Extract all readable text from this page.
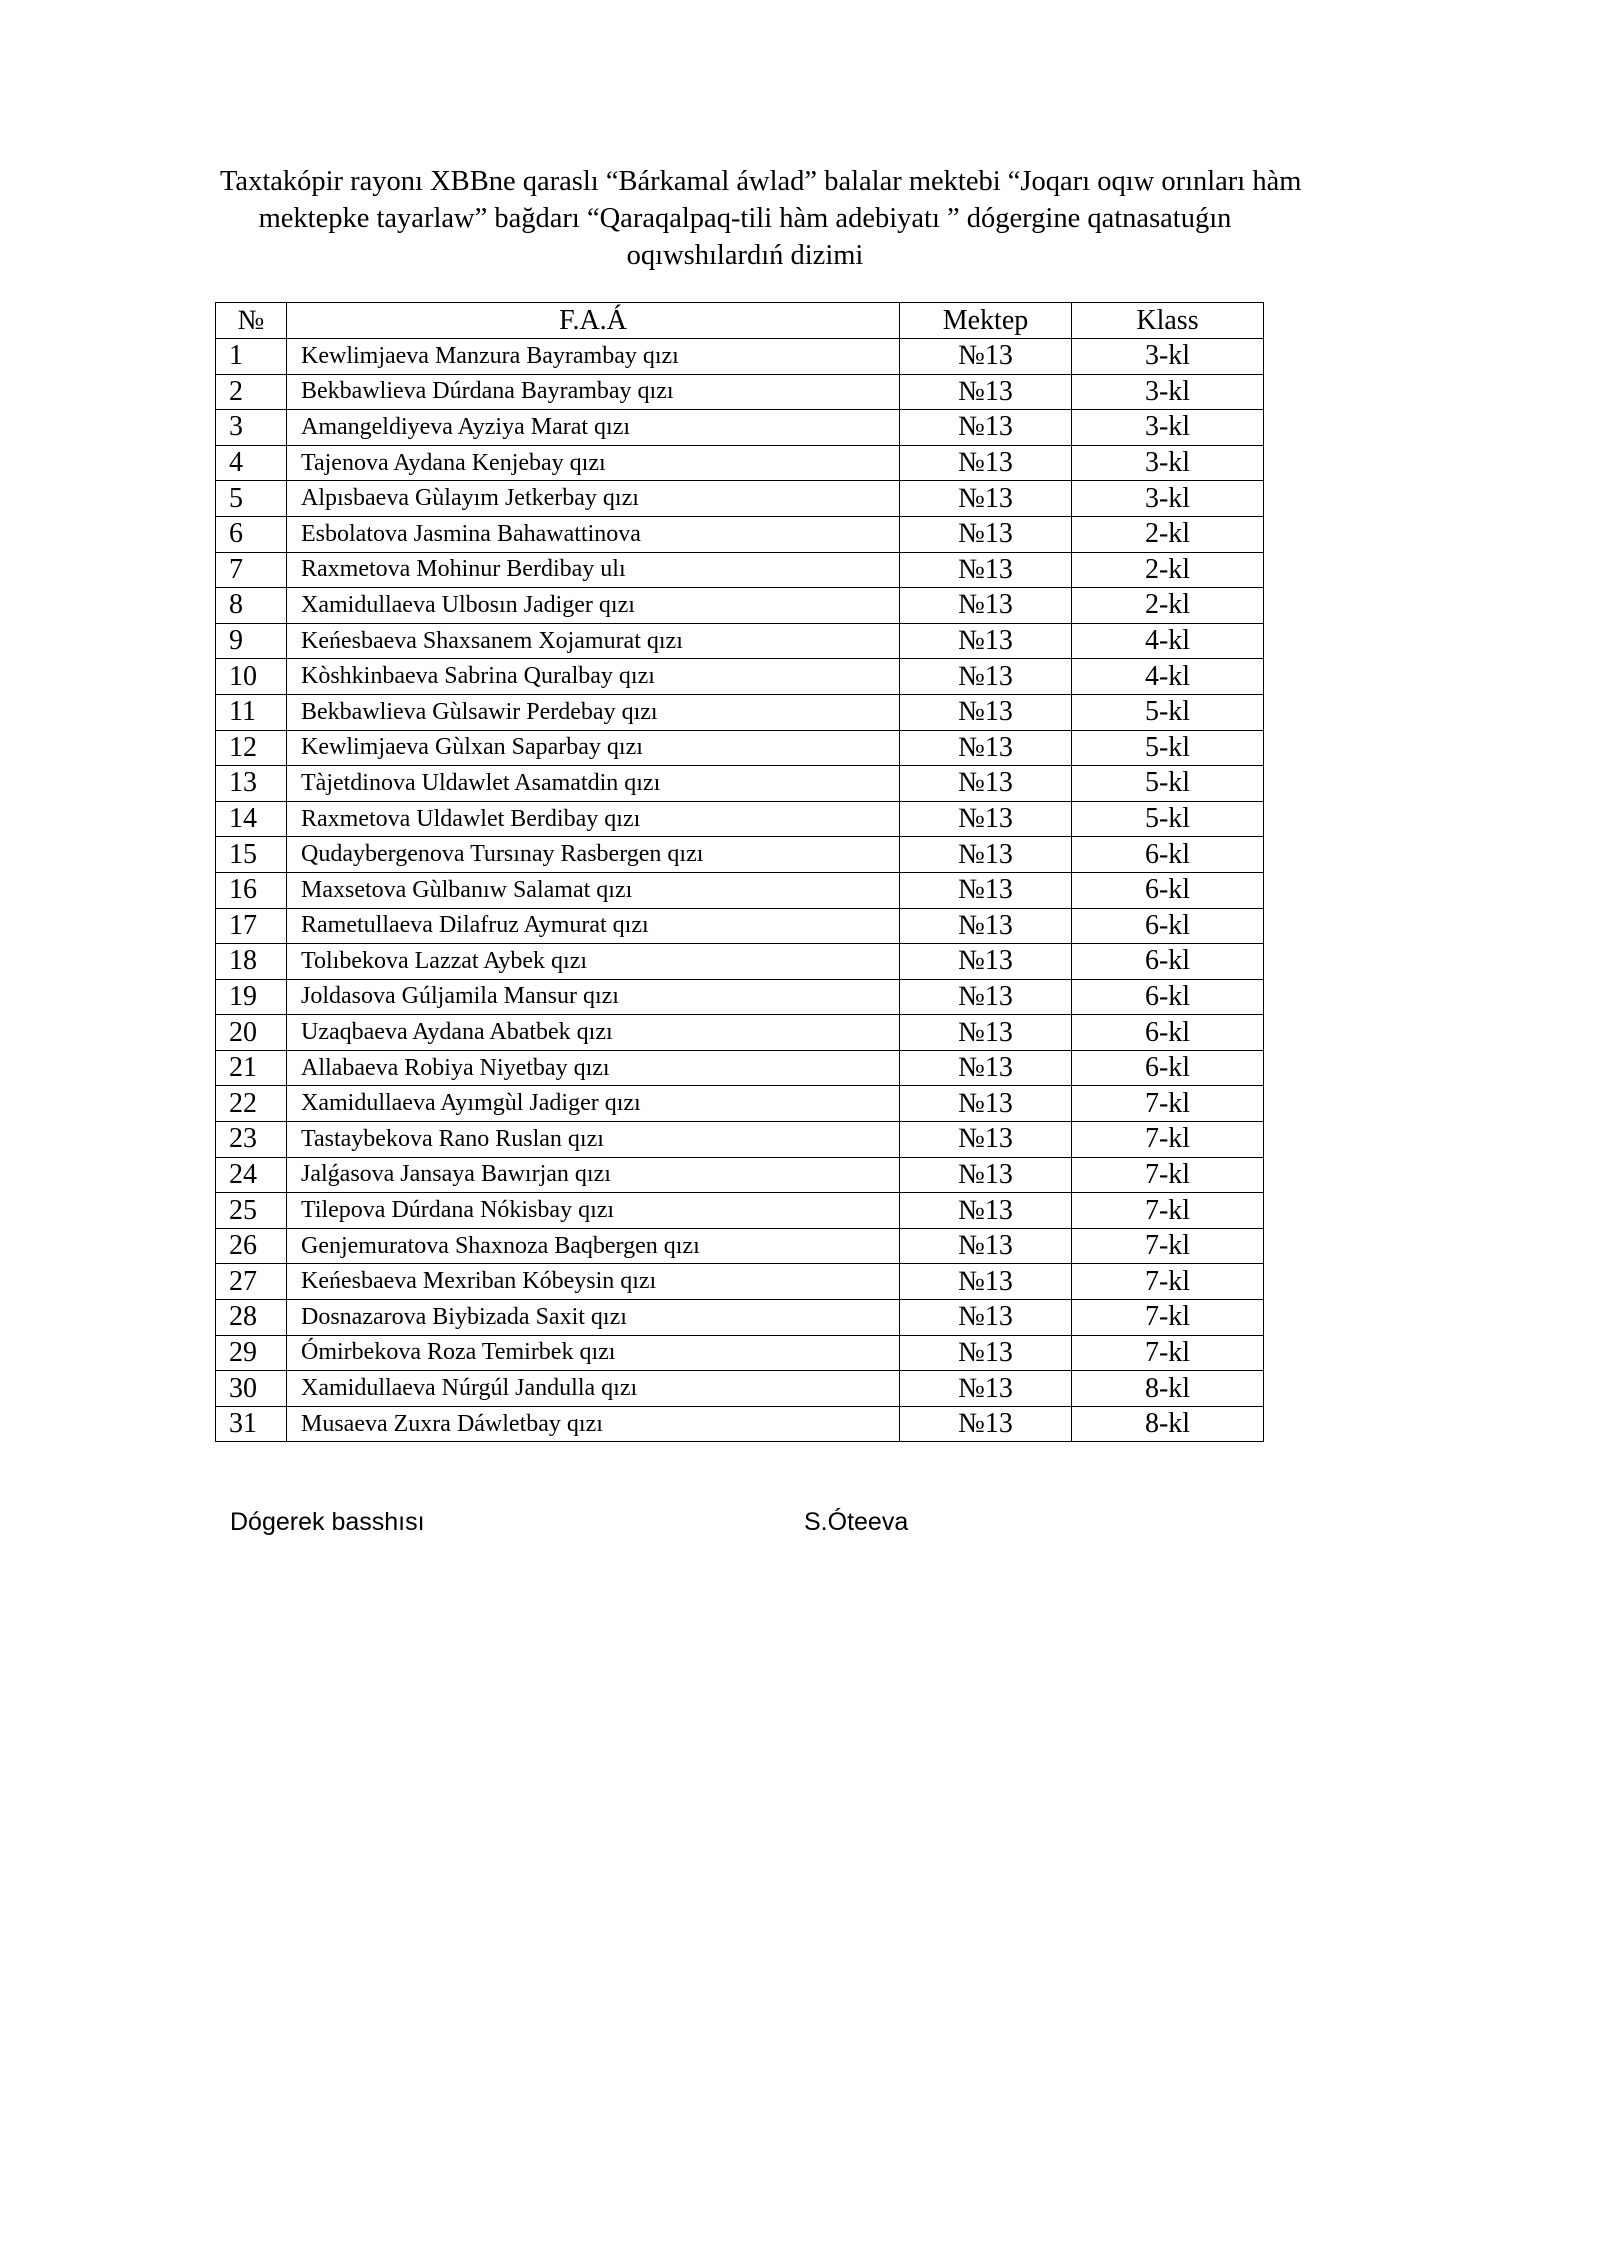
Taxtakópir rayonı XBBne qaraslı “Bárkamal áwlad” balalar mektebi “Joqarı oqıw orınları hàm
mektepke tayarlaw” bağdarı “Qaraqalpaq-tili hàm adebiyatı ” dógergine qatnasatuǵın
oqıwshılardıń dizimi
№	F.A.Á	Mektep	Klass
1	Kewlimjaeva Manzura Bayrambay qızı	№13	3-kl
2	Bekbawlieva Dúrdana Bayrambay qızı	№13	3-kl
3	Amangeldiyeva Ayziya Marat qızı	№13	3-kl
4	Tajenova Aydana Kenjebay qızı	№13	3-kl
5	Alpısbaeva Gùlayım Jetkerbay qızı	№13	3-kl
6	Esbolatova Jasmina Bahawattinova	№13	2-kl
7	Raxmetova Mohinur Berdibay ulı	№13	2-kl
8	Xamidullaeva Ulbosın Jadiger qızı	№13	2-kl
9	Keńesbaeva Shaxsanem Xojamurat qızı	№13	4-kl
10	Kòshkinbaeva Sabrina Quralbay qızı	№13	4-kl
11	Bekbawlieva Gùlsawir Perdebay qızı	№13	5-kl
12	Kewlimjaeva Gùlxan Saparbay qızı	№13	5-kl
13	Tàjetdinova Uldawlet Asamatdin qızı	№13	5-kl
14	Raxmetova Uldawlet Berdibay qızı	№13	5-kl
15	Qudaybergenova Tursınay Rasbergen qızı	№13	6-kl
16	Maxsetova Gùlbanıw Salamat qızı	№13	6-kl
17	Rametullaeva Dilafruz Aymurat qızı	№13	6-kl
18	Tolıbekova Lazzat Aybek qızı	№13	6-kl
19	Joldasova Gúljamila Mansur qızı	№13	6-kl
20	Uzaqbaeva Aydana Abatbek qızı	№13	6-kl
21	Allabaeva Robiya Niyetbay qızı	№13	6-kl
22	Xamidullaeva Ayımgùl Jadiger qızı	№13	7-kl
23	Tastaybekova Rano Ruslan qızı	№13	7-kl
24	Jalǵasova Jansaya Bawırjan qızı	№13	7-kl
25	Tilepova Dúrdana Nókisbay qızı	№13	7-kl
26	Genjemuratova Shaxnoza Baqbergen qızı	№13	7-kl
27	Keńesbaeva Mexriban Kóbeysin qızı	№13	7-kl
28	Dosnazarova Biybizada Saxit qızı	№13	7-kl
29	Ómirbekova Roza Temirbek qızı	№13	7-kl
30	Xamidullaeva Núrgúl Jandulla qızı	№13	8-kl
31	Musaeva Zuxra Dáwletbay qızı	№13	8-kl
Dógerek basshısı	S.Óteeva
